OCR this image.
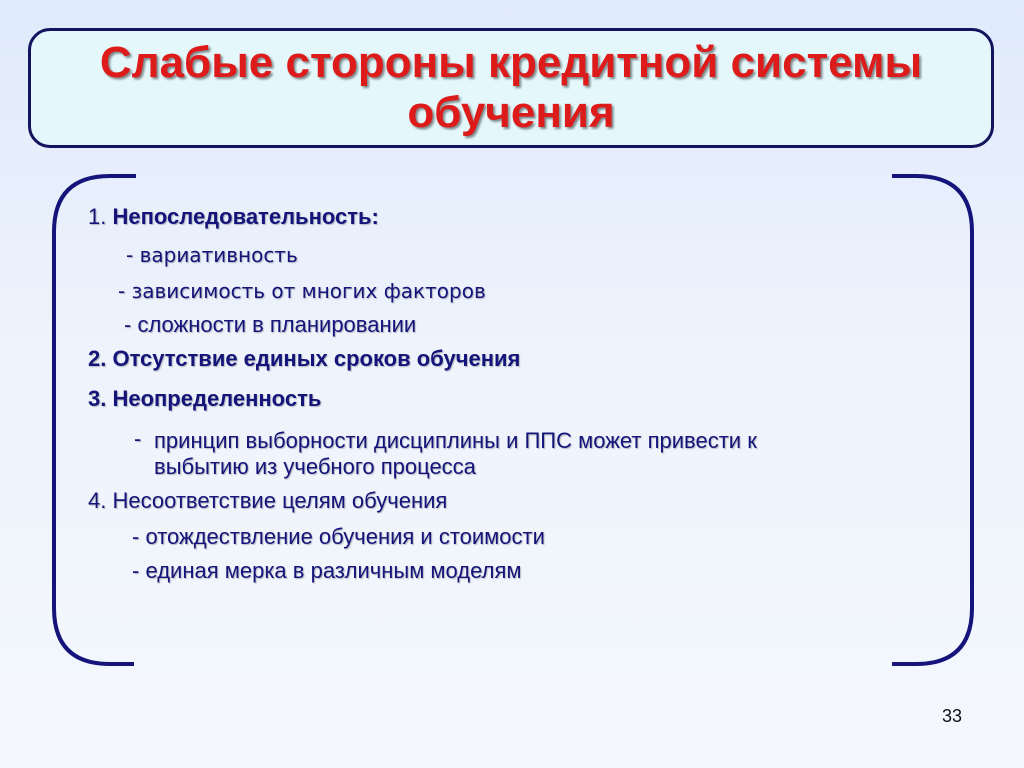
Слабые стороны кредитной системы
обучения
1. Непоследовательность:
- вариативность
- зависимость от многих факторов
- сложности в планировании
2. Отсутствие единых сроков обучения
3. Неопределенность
- принцип выборности дисциплины и ППС может привести к
выбытию из учебного процесса
4. Несоответствие целям обучения
- отождествление обучения и стоимости
- единая мерка в различным моделям
33
